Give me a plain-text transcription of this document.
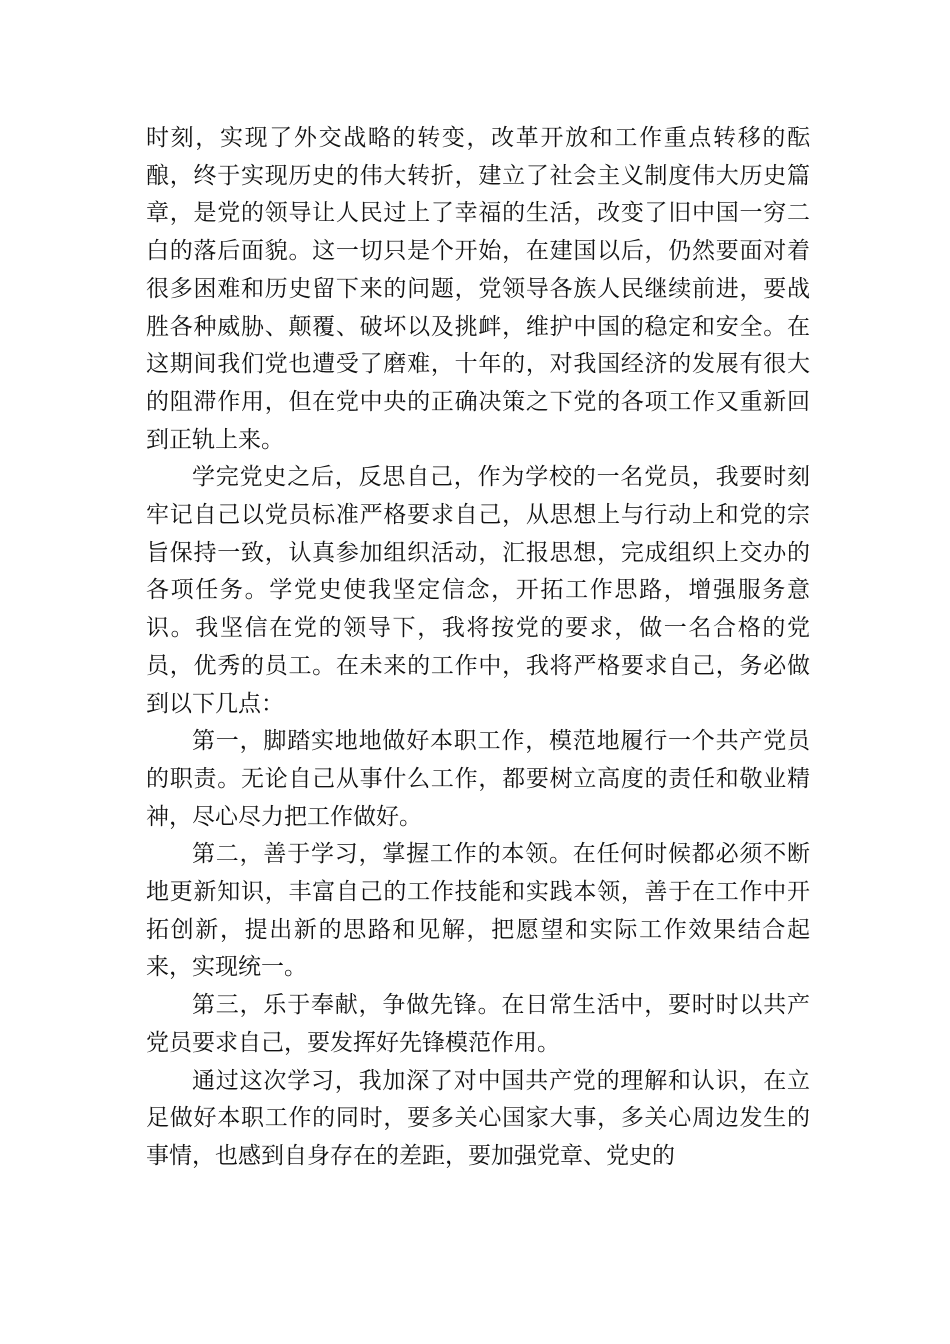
时刻，实现了外交战略的转变，改革开放和工作重点转移的酝酿，终于实现历史的伟大转折，建立了社会主义制度伟大历史篇章，是党的领导让人民过上了幸福的生活，改变了旧中国一穷二白的落后面貌。这一切只是个开始，在建国以后，仍然要面对着很多困难和历史留下来的问题，党领导各族人民继续前进，要战胜各种威胁、颠覆、破坏以及挑衅，维护中国的稳定和安全。在这期间我们党也遭受了磨难，十年的，对我国经济的发展有很大的阻滞作用，但在党中央的正确决策之下党的各项工作又重新回到正轨上来。

学完党史之后，反思自己，作为学校的一名党员，我要时刻牢记自己以党员标准严格要求自己，从思想上与行动上和党的宗旨保持一致，认真参加组织活动，汇报思想，完成组织上交办的各项任务。学党史使我坚定信念，开拓工作思路，增强服务意识。我坚信在党的领导下，我将按党的要求，做一名合格的党员，优秀的员工。在未来的工作中，我将严格要求自己，务必做到以下几点：

第一，脚踏实地地做好本职工作，模范地履行一个共产党员的职责。无论自己从事什么工作，都要树立高度的责任和敬业精神，尽心尽力把工作做好。

第二，善于学习，掌握工作的本领。在任何时候都必须不断地更新知识，丰富自己的工作技能和实践本领，善于在工作中开拓创新，提出新的思路和见解，把愿望和实际工作效果结合起来，实现统一。

第三，乐于奉献，争做先锋。在日常生活中，要时时以共产党员要求自己，要发挥好先锋模范作用。

通过这次学习，我加深了对中国共产党的理解和认识，在立足做好本职工作的同时，要多关心国家大事，多关心周边发生的事情，也感到自身存在的差距，要加强党章、党史的
